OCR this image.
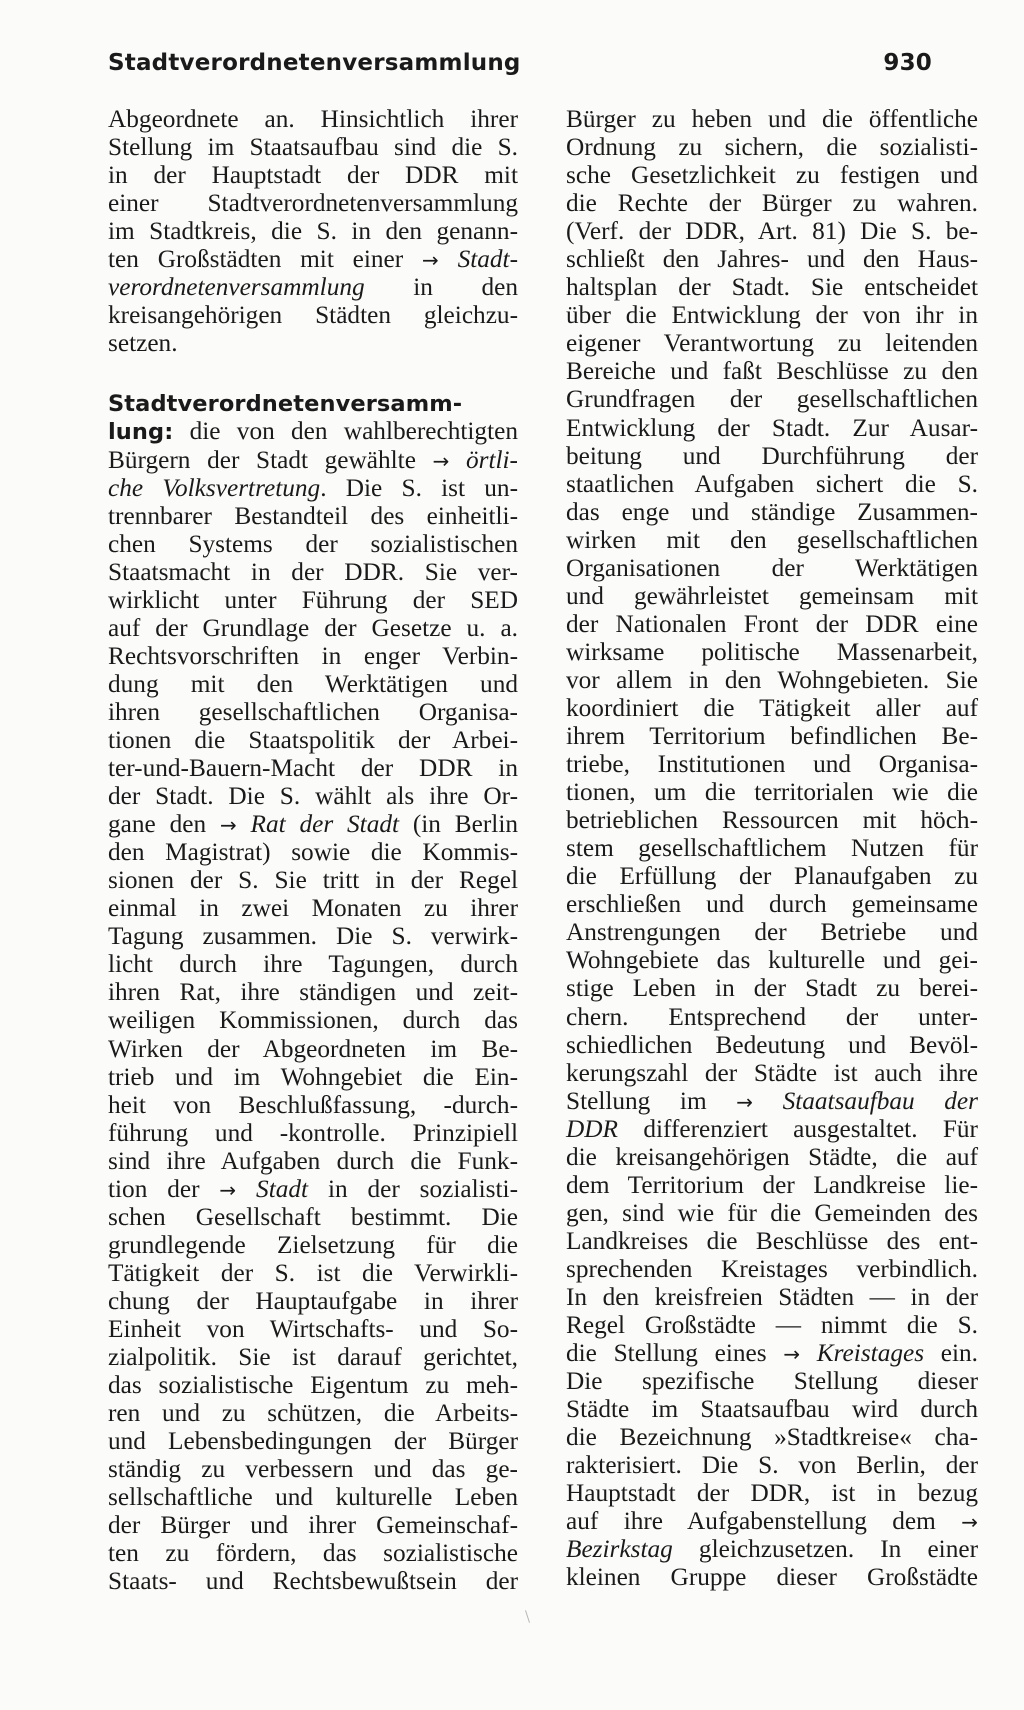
Stadtverordnetenversammlung	930
Abgeordnete an. Hinsichtlich ihrer
Stellung im Staatsaufbau sind die S.
in der Hauptstadt der DDR mit
einer Stadtverordnetenversammlung
im Stadtkreis, die S. in den genann-
ten Großstädten mit einer → Stadt-
verordnetenversammlung in den
kreisangehörigen Städten gleichzu-
setzen.
Stadtverordnetenversamm-
lung: die von den wahlberechtigten
Bürgern der Stadt gewählte → örtli-
che Volksvertretung. Die S. ist un-
trennbarer Bestandteil des einheitli-
chen Systems der sozialistischen
Staatsmacht in der DDR. Sie ver-
wirklicht unter Führung der SED
auf der Grundlage der Gesetze u. a.
Rechtsvorschriften in enger Verbin-
dung mit den Werktätigen und
ihren gesellschaftlichen Organisa-
tionen die Staatspolitik der Arbei-
ter-und-Bauern-Macht der DDR in
der Stadt. Die S. wählt als ihre Or-
gane den → Rat der Stadt (in Berlin
den Magistrat) sowie die Kommis-
sionen der S. Sie tritt in der Regel
einmal in zwei Monaten zu ihrer
Tagung zusammen. Die S. verwirk-
licht durch ihre Tagungen, durch
ihren Rat, ihre ständigen und zeit-
weiligen Kommissionen, durch das
Wirken der Abgeordneten im Be-
trieb und im Wohngebiet die Ein-
heit von Beschlußfassung, -durch-
führung und -kontrolle. Prinzipiell
sind ihre Aufgaben durch die Funk-
tion der → Stadt in der sozialisti-
schen Gesellschaft bestimmt. Die
grundlegende Zielsetzung für die
Tätigkeit der S. ist die Verwirkli-
chung der Hauptaufgabe in ihrer
Einheit von Wirtschafts- und So-
zialpolitik. Sie ist darauf gerichtet,
das sozialistische Eigentum zu meh-
ren und zu schützen, die Arbeits-
und Lebensbedingungen der Bürger
ständig zu verbessern und das ge-
sellschaftliche und kulturelle Leben
der Bürger und ihrer Gemeinschaf-
ten zu fördern, das sozialistische
Staats- und Rechtsbewußtsein der
Bürger zu heben und die öffentliche
Ordnung zu sichern, die sozialisti-
sche Gesetzlichkeit zu festigen und
die Rechte der Bürger zu wahren.
(Verf. der DDR, Art. 81) Die S. be-
schließt den Jahres- und den Haus-
haltsplan der Stadt. Sie entscheidet
über die Entwicklung der von ihr in
eigener Verantwortung zu leitenden
Bereiche und faßt Beschlüsse zu den
Grundfragen der gesellschaftlichen
Entwicklung der Stadt. Zur Ausar-
beitung und Durchführung der
staatlichen Aufgaben sichert die S.
das enge und ständige Zusammen-
wirken mit den gesellschaftlichen
Organisationen der Werktätigen
und gewährleistet gemeinsam mit
der Nationalen Front der DDR eine
wirksame politische Massenarbeit,
vor allem in den Wohngebieten. Sie
koordiniert die Tätigkeit aller auf
ihrem Territorium befindlichen Be-
triebe, Institutionen und Organisa-
tionen, um die territorialen wie die
betrieblichen Ressourcen mit höch-
stem gesellschaftlichem Nutzen für
die Erfüllung der Planaufgaben zu
erschließen und durch gemeinsame
Anstrengungen der Betriebe und
Wohngebiete das kulturelle und gei-
stige Leben in der Stadt zu berei-
chern. Entsprechend der unter-
schiedlichen Bedeutung und Bevöl-
kerungszahl der Städte ist auch ihre
Stellung im → Staatsaufbau der
DDR differenziert ausgestaltet. Für
die kreisangehörigen Städte, die auf
dem Territorium der Landkreise lie-
gen, sind wie für die Gemeinden des
Landkreises die Beschlüsse des ent-
sprechenden Kreistages verbindlich.
In den kreisfreien Städten — in der
Regel Großstädte — nimmt die S.
die Stellung eines → Kreistages ein.
Die spezifische Stellung dieser
Städte im Staatsaufbau wird durch
die Bezeichnung »Stadtkreise« cha-
rakterisiert. Die S. von Berlin, der
Hauptstadt der DDR, ist in bezug
auf ihre Aufgabenstellung dem →
Bezirkstag gleichzusetzen. In einer
kleinen Gruppe dieser Großstädte
